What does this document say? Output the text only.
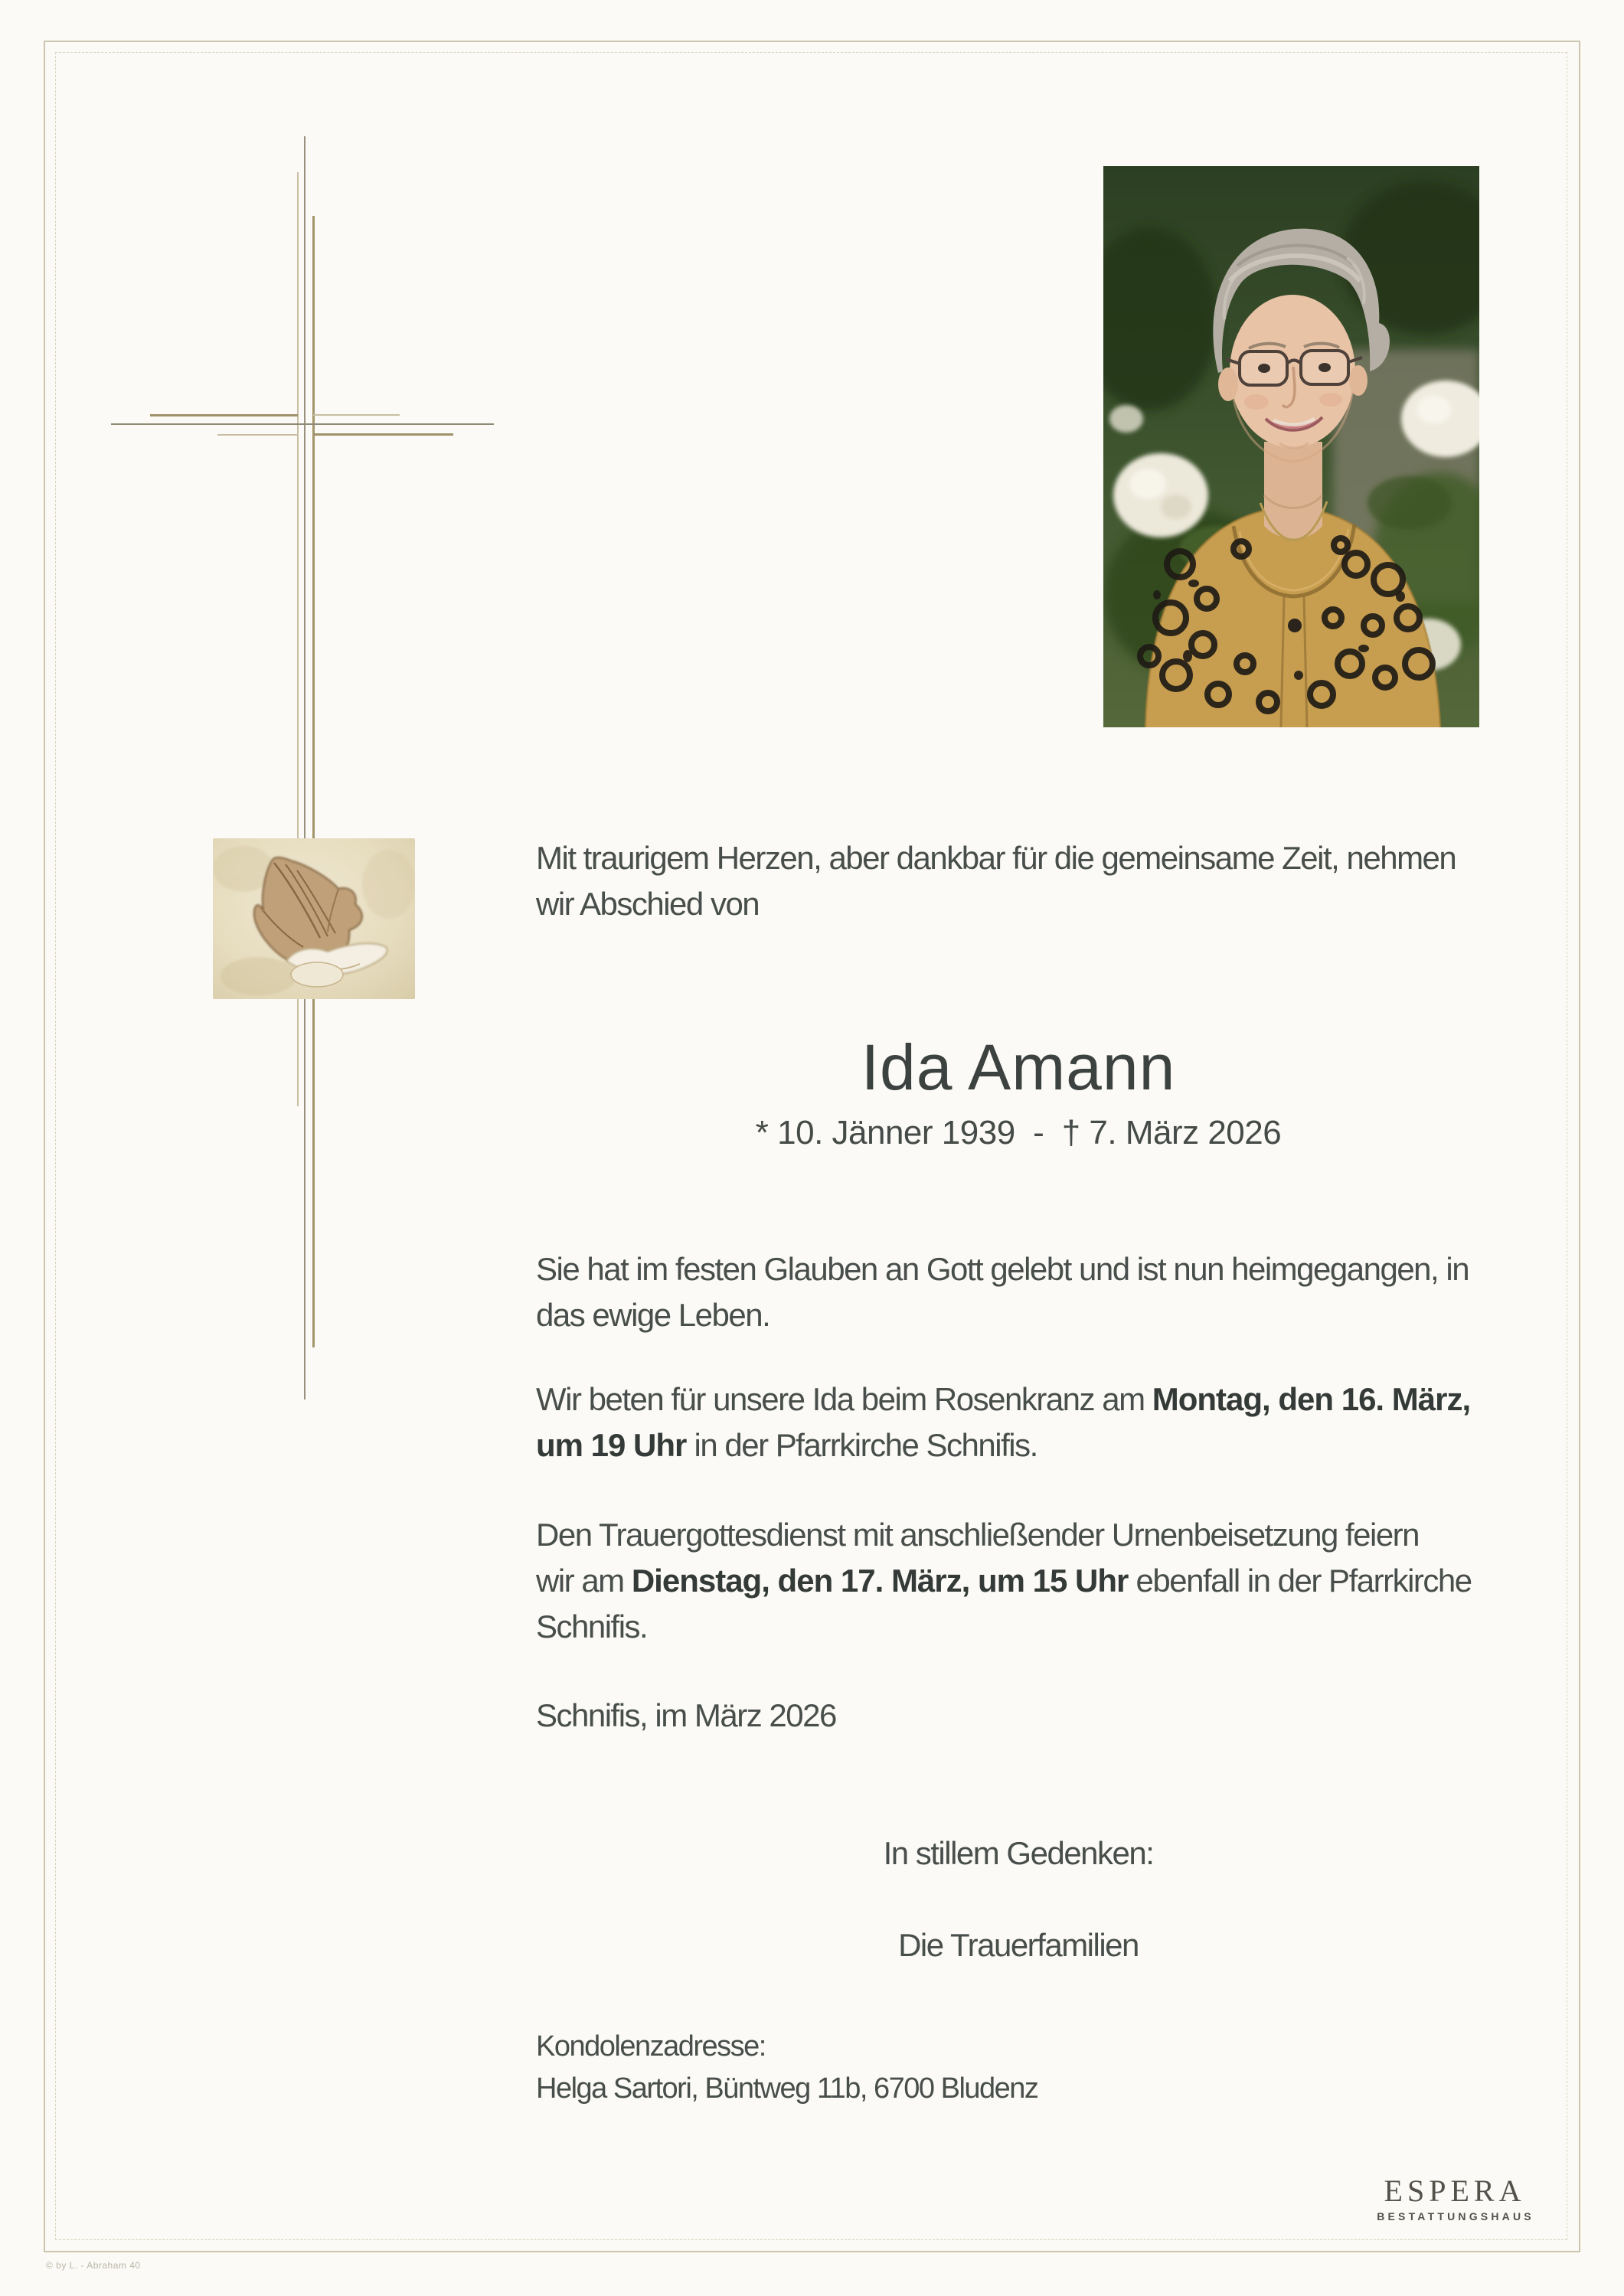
Mit traurigem Herzen, aber dankbar für die gemeinsame Zeit, nehmen
wir Abschied von
Ida Amann
* 10. Jänner 1939  -  † 7. März 2026
Sie hat im festen Glauben an Gott gelebt und ist nun heimgegangen, in
das ewige Leben.
Wir beten für unsere Ida beim Rosenkranz am Montag, den 16. März,
um 19 Uhr in der Pfarrkirche Schnifis.
Den Trauergottesdienst mit anschließender Urnenbeisetzung feiern
wir am Dienstag, den 17. März, um 15 Uhr ebenfall in der Pfarrkirche
Schnifis.
Schnifis, im März 2026
In stillem Gedenken:
Die Trauerfamilien
Kondolenzadresse:
Helga Sartori, Büntweg 11b, 6700 Bludenz
ESPERA
BESTATTUNGSHAUS
© by L. - Abraham 40
